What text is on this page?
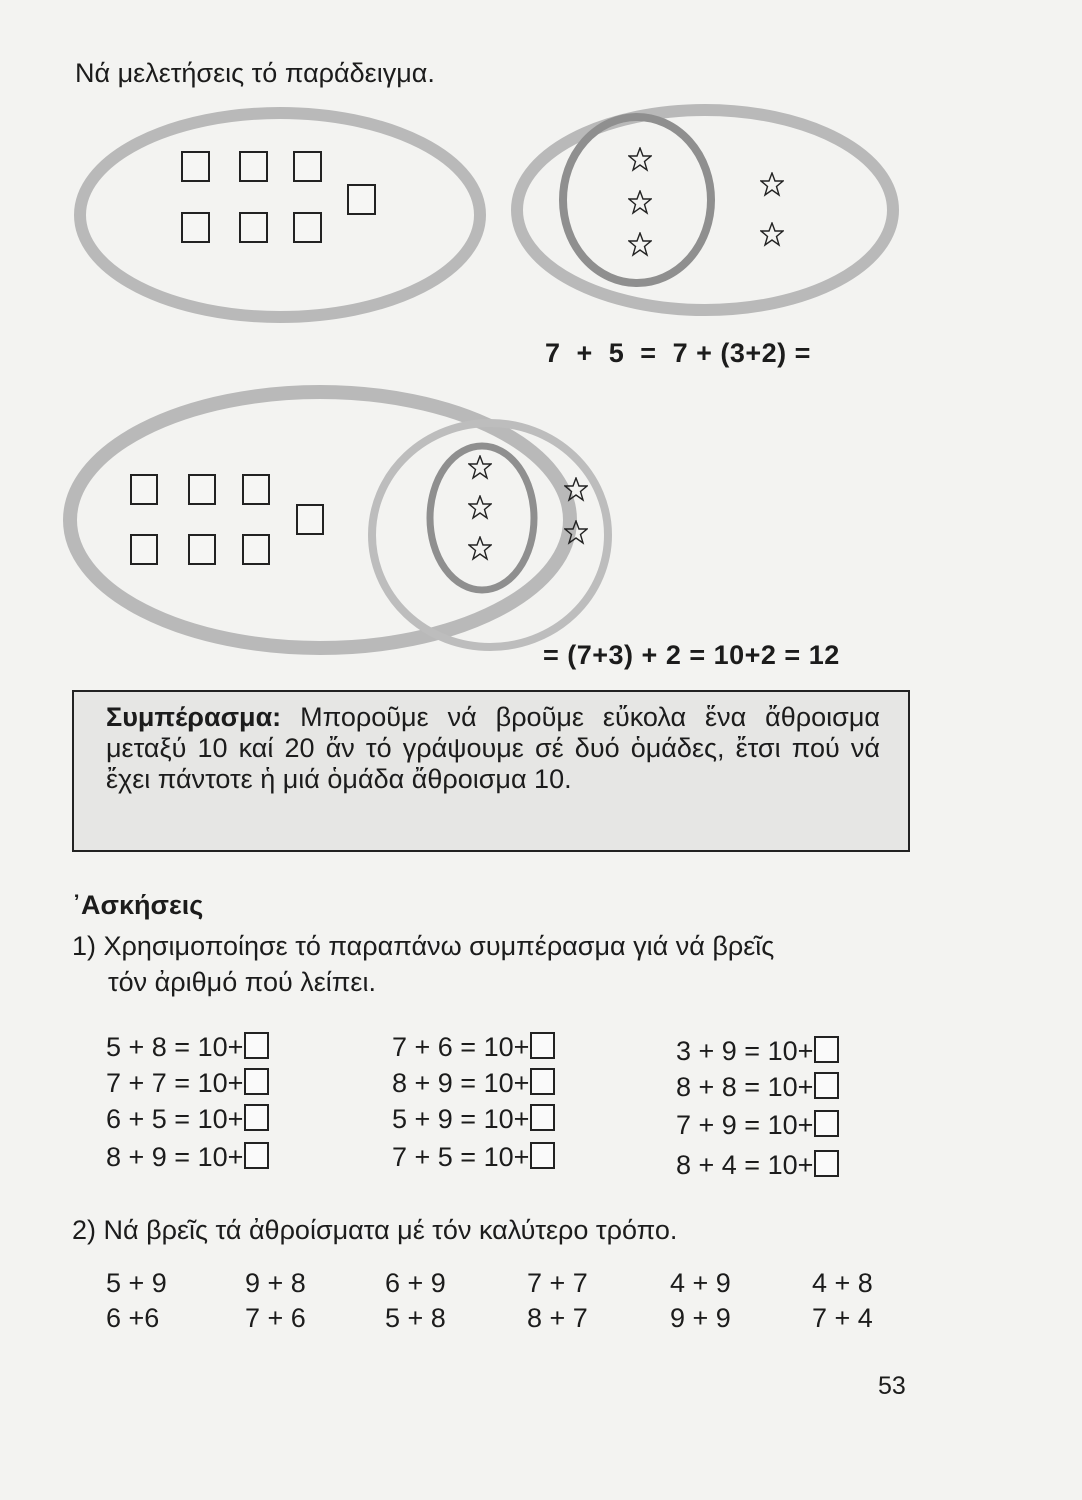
Νά μελετήσεις τό παράδειγμα.
7  +  5  =  7 + (3+2) =
= (7+3) + 2 = 10+2 = 12
Συμπέρασμα: Μποροῦμε νά βροῦμε εὔκολα ἕνα ἄθροισμα μεταξύ 10 καί 20 ἄν τό γράψουμε σέ δυό ὁμάδες, ἔτσι πού νά ἔχει πάντοτε ἡ μιά ὁμάδα ἄθροισμα 10.
᾿Ασκήσεις
1) Χρησιμοποίησε τό παραπάνω συμπέρασμα γιά νά βρεῖς
τόν ἀριθμό πού λείπει.
5 + 8 = 10+
7 + 7 = 10+
6 + 5 = 10+
8 + 9 = 10+
7 + 6 = 10+
8 + 9 = 10+
5 + 9 = 10+
7 + 5 = 10+
3 + 9 = 10+
8 + 8 = 10+
7 + 9 = 10+
8 + 4 = 10+
2) Νά βρεῖς τά ἀθροίσματα μέ τόν καλύτερο τρόπο.
5 + 9	9 + 8	6 + 9	7 + 7	4 + 9	4 + 8
6 +6	7 + 6	5 + 8	8 + 7	9 + 9	7 + 4
53
